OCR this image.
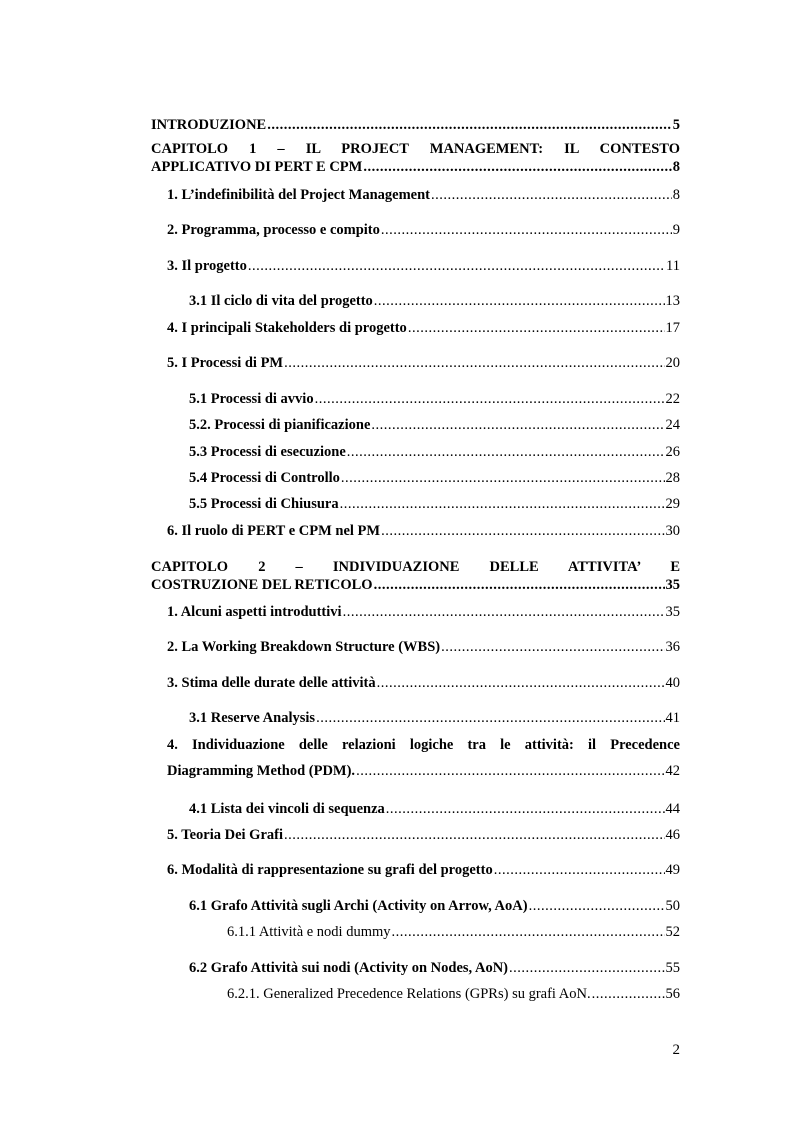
INTRODUZIONE .....	5
CAPITOLO 1 – IL PROJECT MANAGEMENT: IL CONTESTO
APPLICATIVO DI PERT E CPM .....	8
1. L’indefinibilità del Project Management .....	8
2. Programma, processo e compito .....	9
3. Il progetto .....	11
3.1 Il ciclo di vita del progetto .....	13
4. I principali Stakeholders di progetto .....	17
5. I Processi di PM .....	20
5.1 Processi di avvio .....	22
5.2. Processi di pianificazione .....	24
5.3 Processi di esecuzione .....	26
5.4 Processi di Controllo .....	28
5.5 Processi di Chiusura .....	29
6. Il ruolo di PERT e CPM nel PM .....	30
CAPITOLO 2 – INDIVIDUAZIONE DELLE ATTIVITA’ E
COSTRUZIONE DEL RETICOLO .....	35
1. Alcuni aspetti introduttivi .....	35
2. La Working Breakdown Structure (WBS) .....	36
3. Stima delle durate delle attività .....	40
3.1 Reserve Analysis .....	41
4. Individuazione delle relazioni logiche tra le attività: il Precedence
Diagramming Method (PDM). .....	42
4.1 Lista dei vincoli di sequenza .....	44
5. Teoria Dei Grafi .....	46
6. Modalità di rappresentazione su grafi del progetto .....	49
6.1 Grafo Attività sugli Archi (Activity on Arrow, AoA) .....	50
6.1.1 Attività e nodi dummy .....	52
6.2 Grafo Attività sui nodi (Activity on Nodes, AoN) .....	55
6.2.1. Generalized Precedence Relations (GPRs) su grafi AoN. .....	56
2
